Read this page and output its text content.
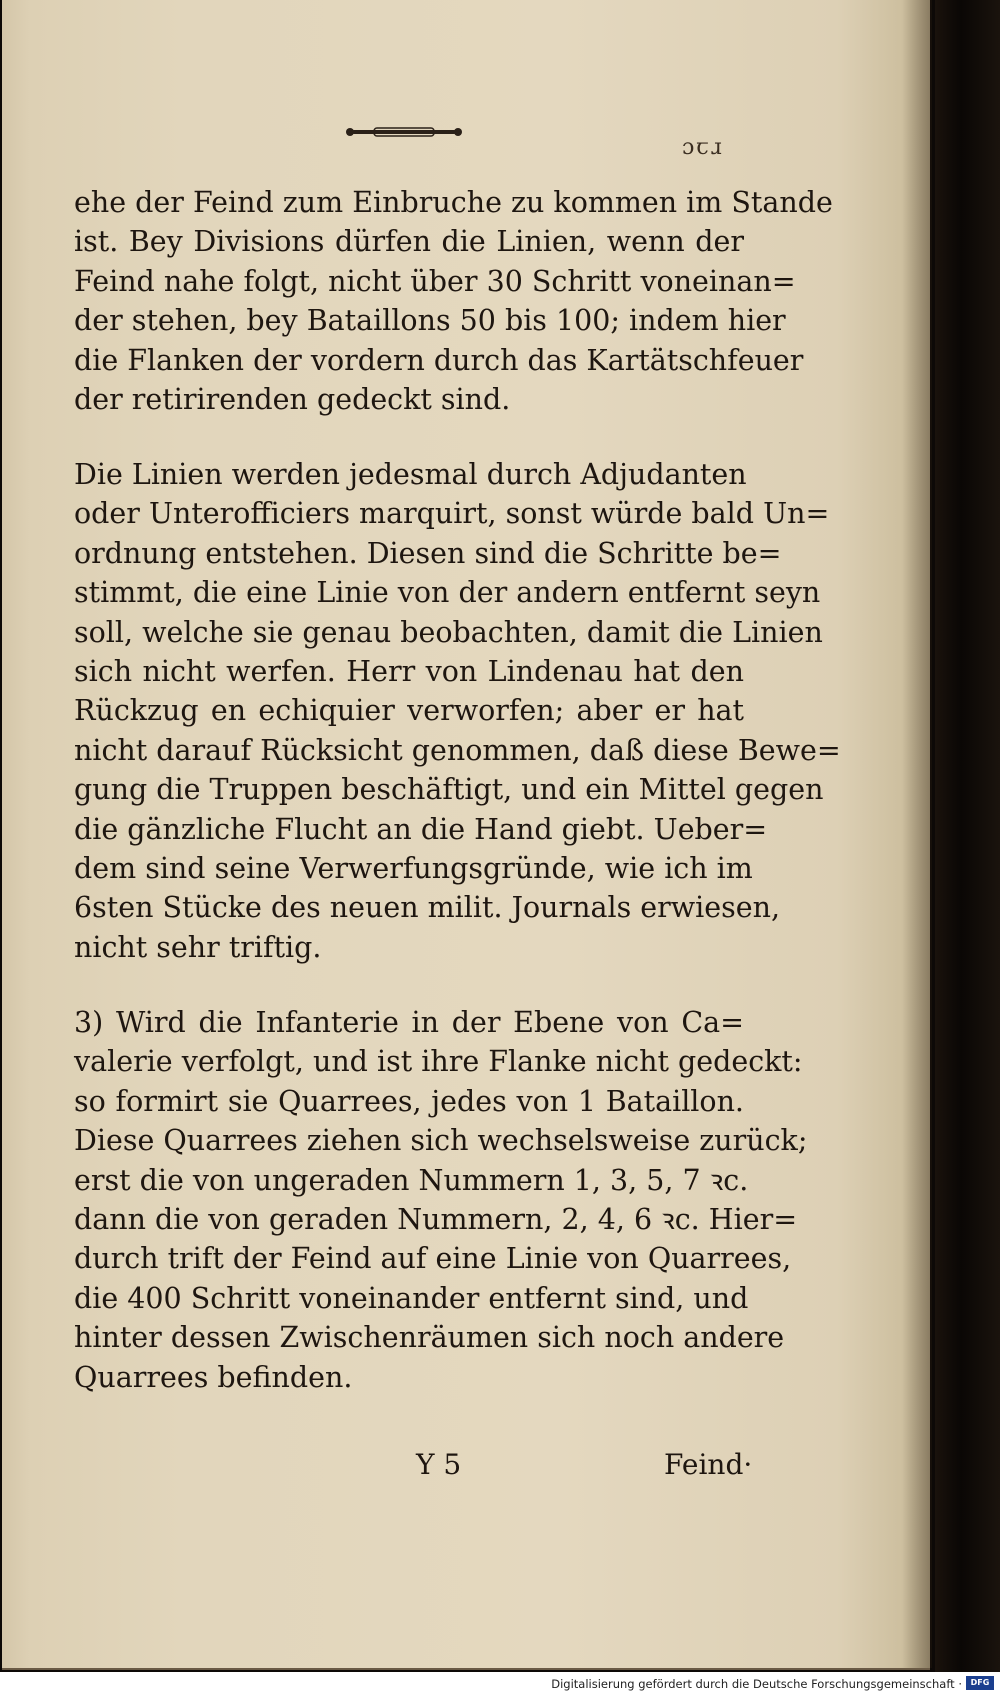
ɔꞇɹ
ehe der Feind zum Einbruche zu kommen im Stande
ist. Bey Divisions dürfen die Linien, wenn der
Feind nahe folgt, nicht über 30 Schritt voneinan=
der stehen, bey Bataillons 50 bis 100; indem hier
die Flanken der vordern durch das Kartätschfeuer
der retirirenden gedeckt sind.
Die Linien werden jedesmal durch Adjudanten
oder Unterofficiers marquirt, sonst würde bald Un=
ordnung entstehen. Diesen sind die Schritte be=
stimmt, die eine Linie von der andern entfernt seyn
soll, welche sie genau beobachten, damit die Linien
sich nicht werfen. Herr von Lindenau hat den
Rückzug en echiquier verworfen; aber er hat
nicht darauf Rücksicht genommen, daß diese Bewe=
gung die Truppen beschäftigt, und ein Mittel gegen
die gänzliche Flucht an die Hand giebt. Ueber=
dem sind seine Verwerfungsgründe, wie ich im
6sten Stücke des neuen milit. Journals erwiesen,
nicht sehr triftig.
3) Wird die Infanterie in der Ebene von Ca=
valerie verfolgt, und ist ihre Flanke nicht gedeckt:
so formirt sie Quarrees, jedes von 1 Bataillon.
Diese Quarrees ziehen sich wechselsweise zurück;
erst die von ungeraden Nummern 1, 3, 5, 7 ꝛc.
dann die von geraden Nummern, 2, 4, 6 ꝛc. Hier=
durch trift der Feind auf eine Linie von Quarrees,
die 400 Schritt voneinander entfernt sind, und
hinter dessen Zwischenräumen sich noch andere
Quarrees befinden.
Y 5	Feind·
Digitalisierung gefördert durch die Deutsche Forschungsgemeinschaft ·	DFG
